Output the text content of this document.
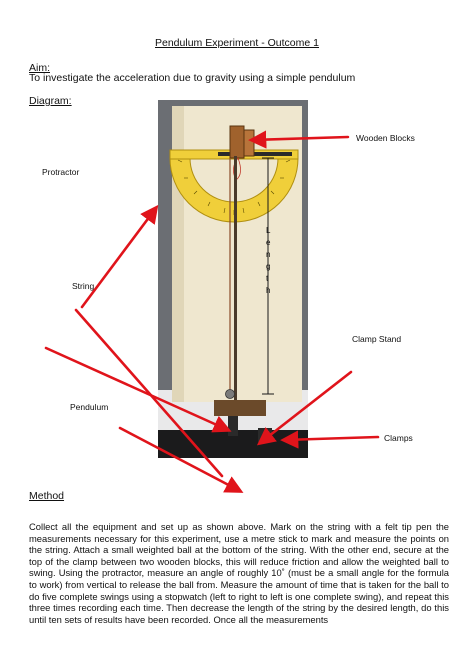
Pendulum Experiment - Outcome 1
Aim:
To investigate the acceleration due to gravity using a simple pendulum
Diagram:
L
e
n
g
t
h
Wooden Blocks
Protractor
String
Clamp Stand
Pendulum
Clamps
Method
Collect all the equipment and set up as shown above. Mark on the string with a felt tip pen the measurements necessary for this experiment, use a metre stick to mark and measure the points on the string. Attach a small weighted ball at the bottom of the string. With the other end, secure at the top of the clamp between two wooden blocks, this will reduce friction and allow the weighted ball to swing. Using the protractor, measure an angle of roughly 10˚ (must be a small angle for the formula to work) from vertical to release the ball from. Measure the amount of time that is taken for the ball to do five complete swings using a stopwatch (left to right to left is one complete swing), and repeat this three times recording each time. Then decrease the length of the string by the desired length, do this until ten sets of results have been recorded. Once all the measurements
